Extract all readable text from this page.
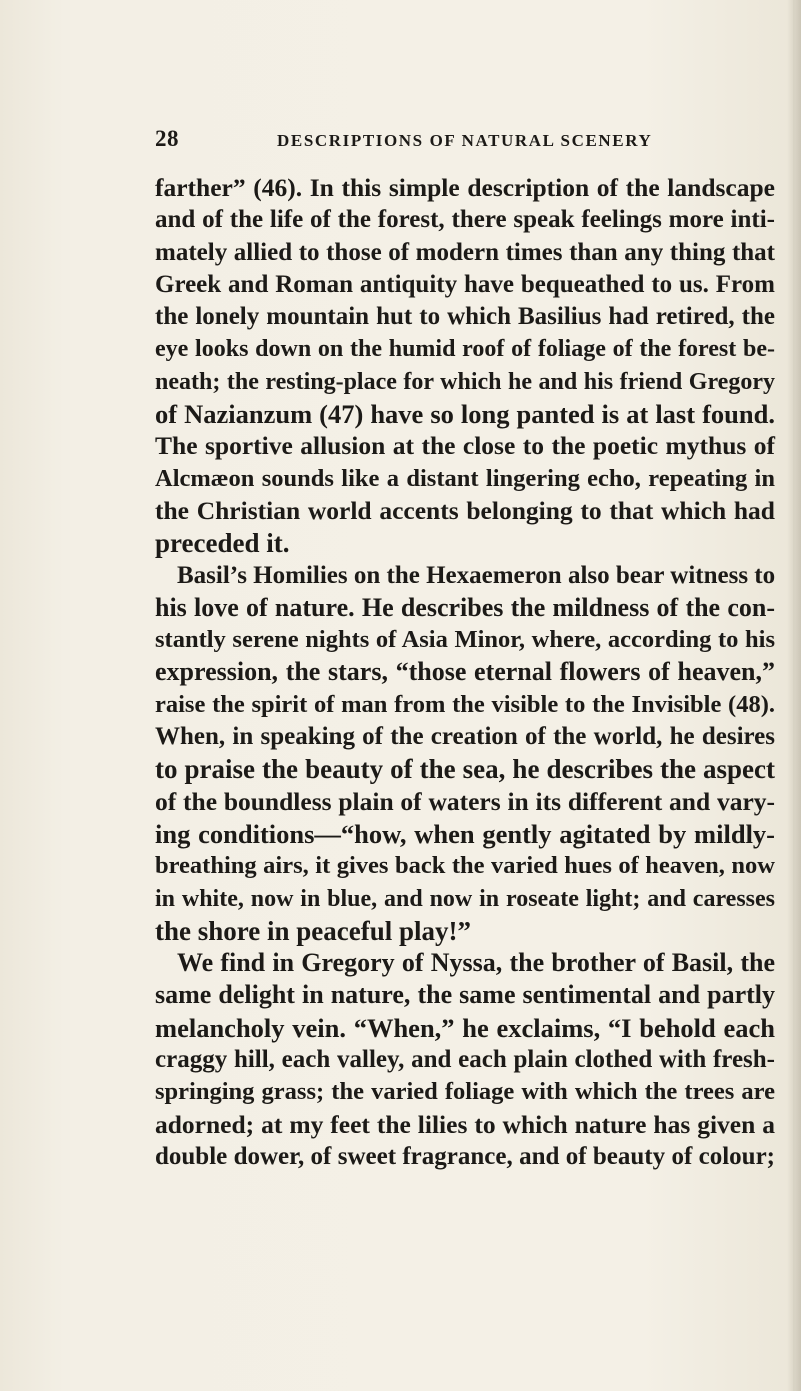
28	DESCRIPTIONS OF NATURAL SCENERY
farther” (46). In this simple description of the landscape
and of the life of the forest, there speak feelings more inti-
mately allied to those of modern times than any thing that
Greek and Roman antiquity have bequeathed to us. From
the lonely mountain hut to which Basilius had retired, the
eye looks down on the humid roof of foliage of the forest be-
neath; the resting-place for which he and his friend Gregory
of Nazianzum (47) have so long panted is at last found.
The sportive allusion at the close to the poetic mythus of
Alcmæon sounds like a distant lingering echo, repeating in
the Christian world accents belonging to that which had
preceded it.
Basil’s Homilies on the Hexaemeron also bear witness to
his love of nature. He describes the mildness of the con-
stantly serene nights of Asia Minor, where, according to his
expression, the stars, “those eternal flowers of heaven,”
raise the spirit of man from the visible to the Invisible (48).
When, in speaking of the creation of the world, he desires
to praise the beauty of the sea, he describes the aspect
of the boundless plain of waters in its different and vary-
ing conditions—“how, when gently agitated by mildly-
breathing airs, it gives back the varied hues of heaven, now
in white, now in blue, and now in roseate light; and caresses
the shore in peaceful play!”
We find in Gregory of Nyssa, the brother of Basil, the
same delight in nature, the same sentimental and partly
melancholy vein. “When,” he exclaims, “I behold each
craggy hill, each valley, and each plain clothed with fresh-
springing grass; the varied foliage with which the trees are
adorned; at my feet the lilies to which nature has given a
double dower, of sweet fragrance, and of beauty of colour;
